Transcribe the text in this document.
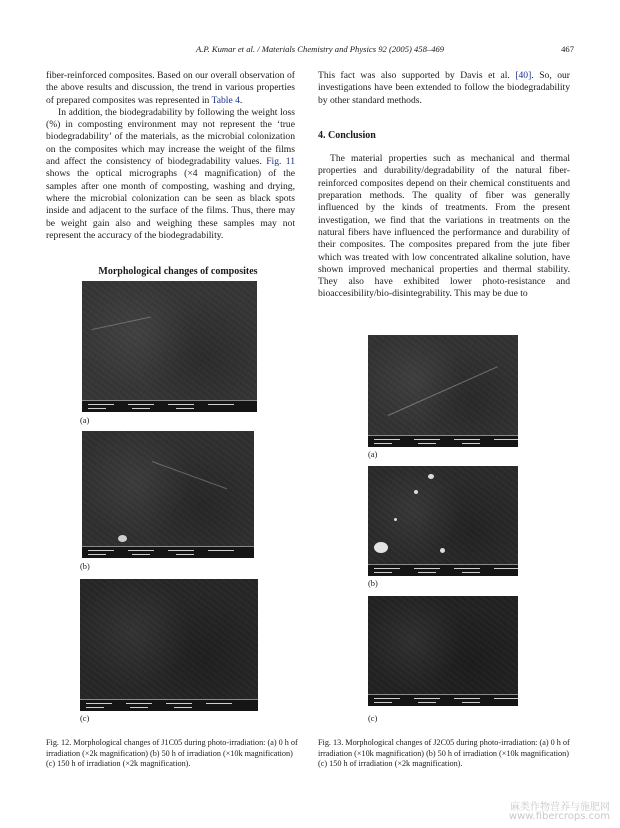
A.P. Kumar et al. / Materials Chemistry and Physics 92 (2005) 458–469	467

fiber-reinforced composites. Based on our overall observation of the above results and discussion, the trend in various properties of prepared composites was represented in Table 4.

In addition, the biodegradability by following the weight loss (%) in composting environment may not represent the ‘true biodegradability’ of the materials, as the microbial colonization on the composites which may increase the weight of the films and affect the consistency of biodegradability values. Fig. 11 shows the optical micrographs (×4 magnification) of the samples after one month of composting, washing and drying, where the microbial colonization can be seen as black spots inside and adjacent to the surface of the films. Thus, there may be weight gain also and weighing these samples may not represent the accuracy of the biodegradability.

This fact was also supported by Davis et al. [40]. So, our investigations have been extended to follow the biodegradability by other standard methods.

4. Conclusion

The material properties such as mechanical and thermal properties and durability/degradability of the natural fiber-reinforced composites depend on their chemical constituents and preparation methods. The quality of fiber was generally influenced by the kinds of treatments. From the present investigation, we find that the variations in treatments on the natural fibers have influenced the performance and durability of their composites. The composites prepared from the jute fiber which was treated with low concentrated alkaline solution, have shown improved mechanical properties and thermal stability. They also have exhibited lower photo-resistance and bioaccesibility/bio-disintegrability. This may be due to

Morphological changes of composites
(a)
(b)
(c)
Fig. 12. Morphological changes of J1C05 during photo-irradiation: (a) 0 h of irradiation (×2k magnification) (b) 50 h of irradiation (×10k magnification) (c) 150 h of irradiation (×2k magnification).
(a)
(b)
(c)
Fig. 13. Morphological changes of J2C05 during photo-irradiation: (a) 0 h of irradiation (×10k magnification) (b) 50 h of irradiation (×10k magnification) (c) 150 h of irradiation (×2k magnification).
麻类作物营养与施肥网
www.fibercrops.com
